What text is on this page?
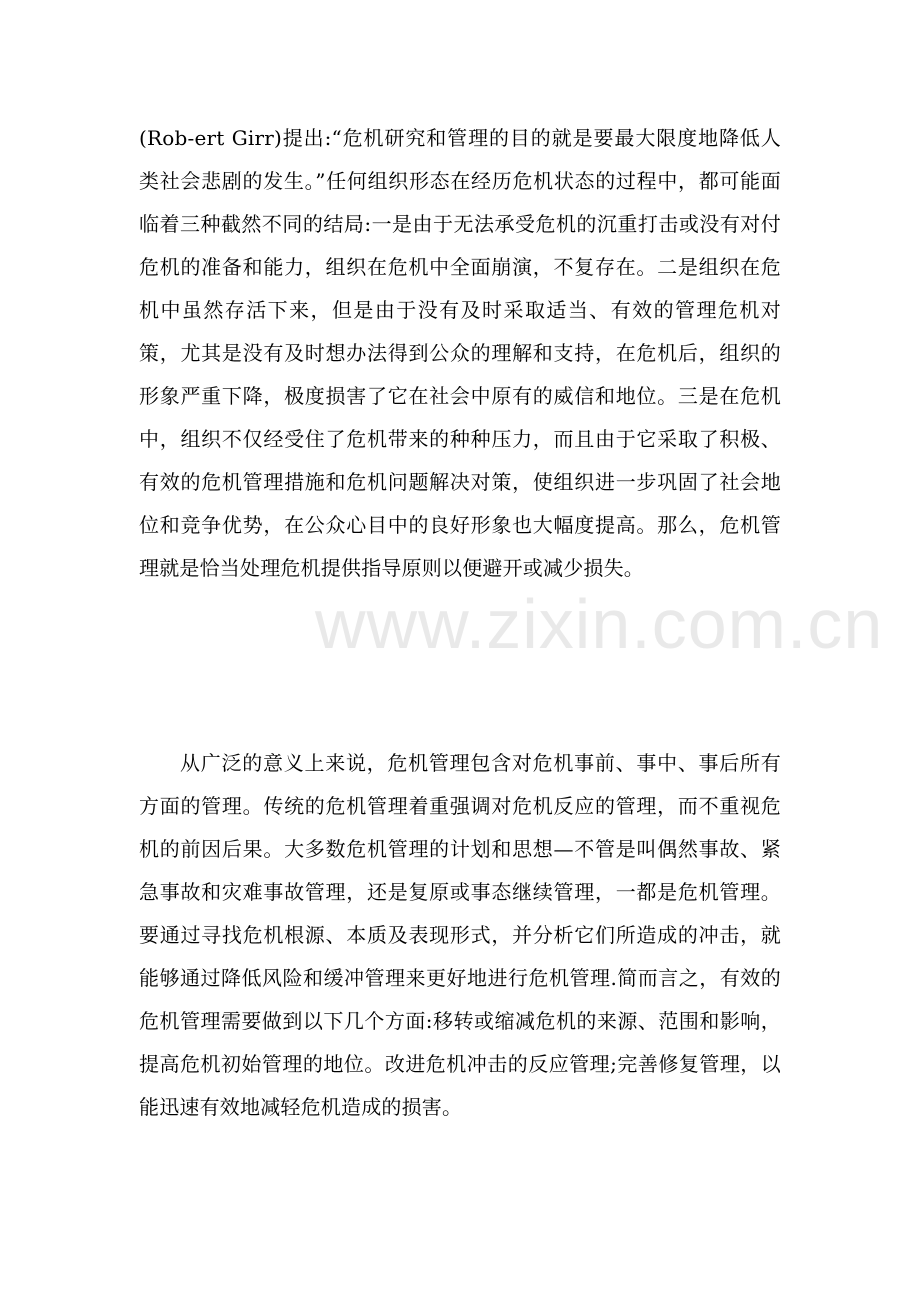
www.zixin.com.cn

(Rob-ert Girr)提出:“危机研究和管理的目的就是要最大限度地降低人类社会悲剧的发生。”任何组织形态在经历危机状态的过程中，都可能面临着三种截然不同的结局:一是由于无法承受危机的沉重打击或没有对付危机的准备和能力，组织在危机中全面崩演，不复存在。二是组织在危机中虽然存活下来，但是由于没有及时采取适当、有效的管理危机对策，尤其是没有及时想办法得到公众的理解和支持，在危机后，组织的形象严重下降，极度损害了它在社会中原有的威信和地位。三是在危机中，组织不仅经受住了危机带来的种种压力，而且由于它采取了积极、有效的危机管理措施和危机问题解决对策，使组织进一步巩固了社会地位和竞争优势，在公众心目中的良好形象也大幅度提高。那么，危机管理就是恰当处理危机提供指导原则以便避开或减少损失。

从广泛的意义上来说，危机管理包含对危机事前、事中、事后所有方面的管理。传统的危机管理着重强调对危机反应的管理，而不重视危机的前因后果。大多数危机管理的计划和思想—不管是叫偶然事故、紧急事故和灾难事故管理，还是复原或事态继续管理，一都是危机管理。要通过寻找危机根源、本质及表现形式，并分析它们所造成的冲击，就能够通过降低风险和缓冲管理来更好地进行危机管理.简而言之，有效的危机管理需要做到以下几个方面:移转或缩减危机的来源、范围和影响，提高危机初始管理的地位。改进危机冲击的反应管理;完善修复管理，以能迅速有效地减轻危机造成的损害。
